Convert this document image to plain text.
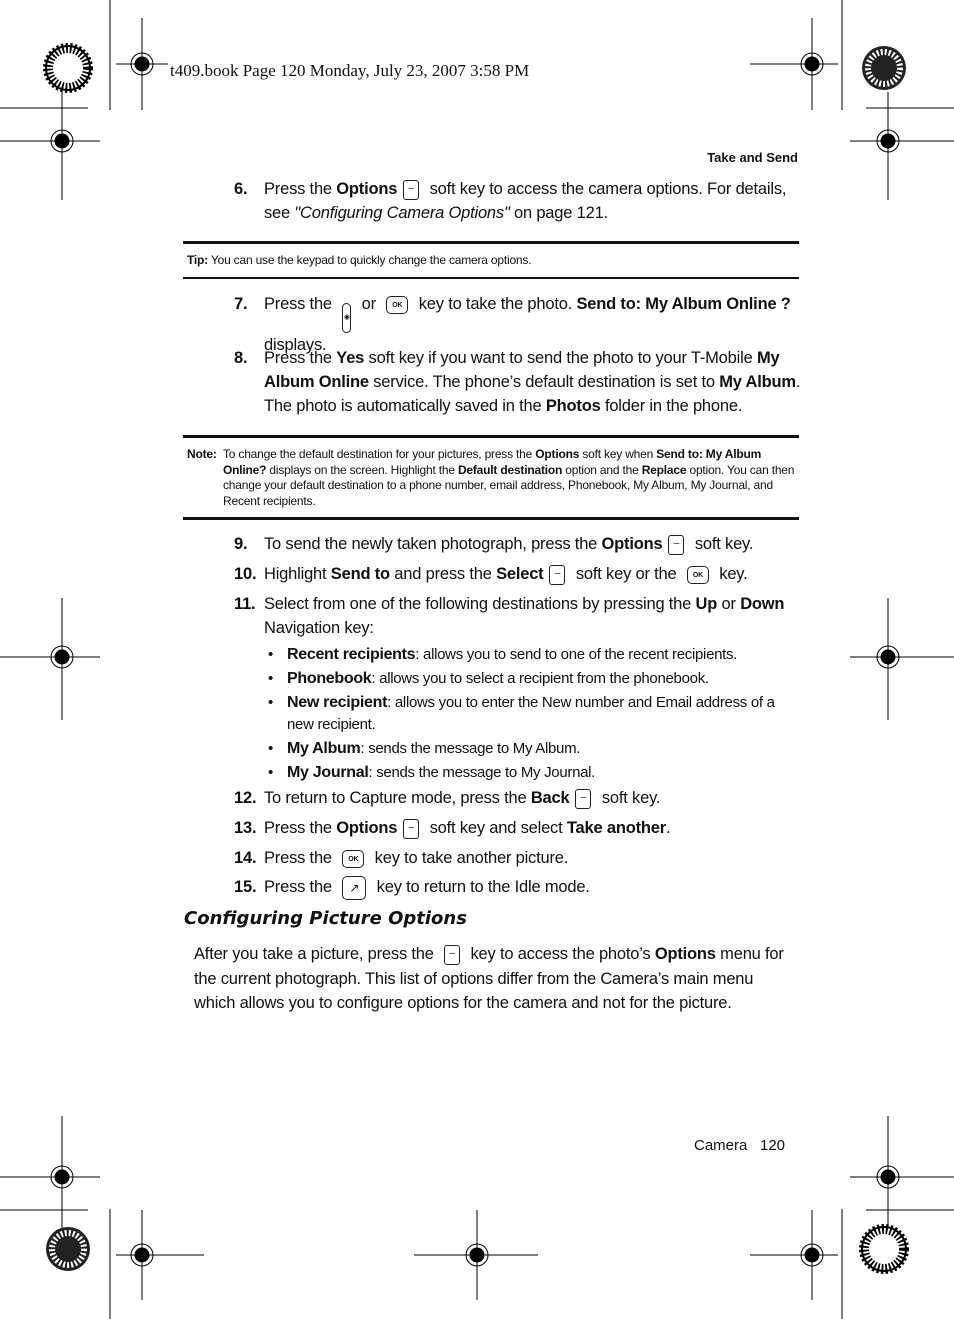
t409.book Page 120 Monday, July 23, 2007 3:58 PM
Take and Send
6.	Press the Options – soft key to access the camera options. For details, see "Configuring Camera Options" on page 121.
Tip: You can use the keypad to quickly change the camera options.
7.	Press the ◉ or OK key to take the photo. Send to: My Album Online ? displays.
8.	Press the Yes soft key if you want to send the photo to your T-Mobile My Album Online service. The phone’s default destination is set to My Album. The photo is automatically saved in the Photos folder in the phone.
Note: To change the default destination for your pictures, press the Options soft key when Send to: My Album Online? displays on the screen. Highlight the Default destination option and the Replace option. You can then change your default destination to a phone number, email address, Phonebook, My Album, My Journal, and Recent recipients.
9.	To send the newly taken photograph, press the Options – soft key.
10. Highlight Send to and press the Select – soft key or the OK key.
11. Select from one of the following destinations by pressing the Up or Down Navigation key:
• Recent recipients: allows you to send to one of the recent recipients.
• Phonebook: allows you to select a recipient from the phonebook.
• New recipient: allows you to enter the New number and Email address of a new recipient.
• My Album: sends the message to My Album.
• My Journal: sends the message to My Journal.
12. To return to Capture mode, press the Back – soft key.
13. Press the Options – soft key and select Take another.
14. Press the OK key to take another picture.
15. Press the ↗ key to return to the Idle mode.
Configuring Picture Options
After you take a picture, press the – key to access the photo’s Options menu for the current photograph. This list of options differ from the Camera’s main menu which allows you to configure options for the camera and not for the picture.
Camera 120
